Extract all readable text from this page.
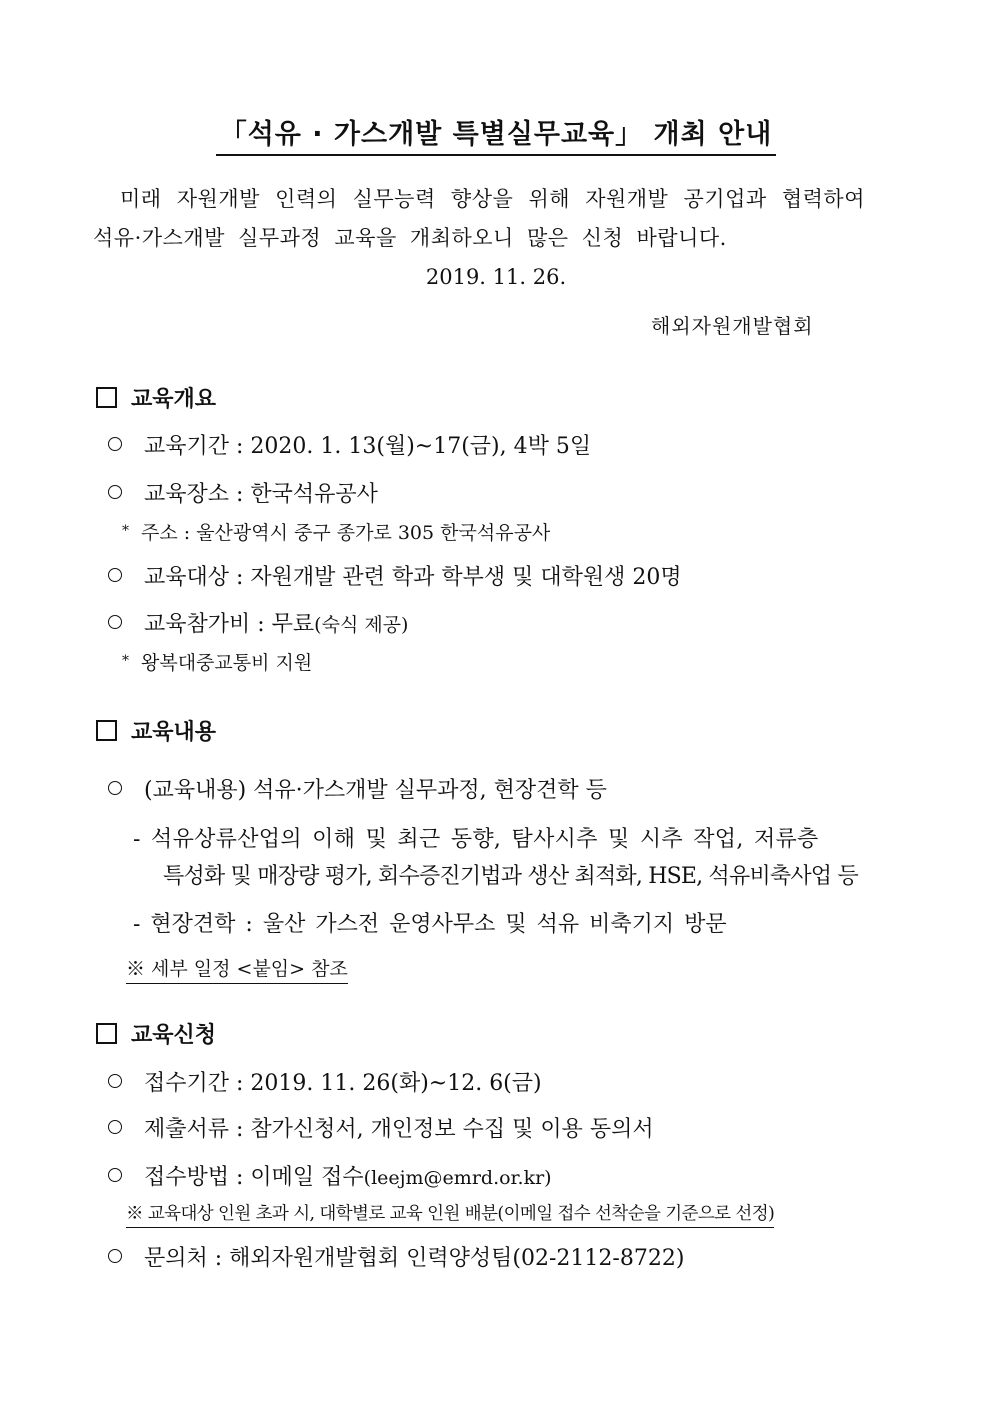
「석유 · 가스개발 특별실무교육」 개최 안내
미래 자원개발 인력의 실무능력 향상을 위해 자원개발 공기업과 협력하여
석유·가스개발 실무과정 교육을 개최하오니 많은 신청 바랍니다.
2019. 11. 26.
해외자원개발협회
교육개요
교육기간 : 2020. 1. 13(월)~17(금), 4박 5일
교육장소 : 한국석유공사
* 주소 : 울산광역시 중구 종가로 305 한국석유공사
교육대상 : 자원개발 관련 학과 학부생 및 대학원생 20명
교육참가비 : 무료(숙식 제공)
* 왕복대중교통비 지원
교육내용
(교육내용) 석유·가스개발 실무과정, 현장견학 등
- 석유상류산업의 이해 및 최근 동향, 탐사시추 및 시추 작업, 저류층
특성화 및 매장량 평가, 회수증진기법과 생산 최적화, HSE, 석유비축사업 등
- 현장견학 : 울산 가스전 운영사무소 및 석유 비축기지 방문
※ 세부 일정 <붙임> 참조
교육신청
접수기간 : 2019. 11. 26(화)~12. 6(금)
제출서류 : 참가신청서, 개인정보 수집 및 이용 동의서
접수방법 : 이메일 접수(leejm@emrd.or.kr)
※ 교육대상 인원 초과 시, 대학별로 교육 인원 배분(이메일 접수 선착순을 기준으로 선정)
문의처 : 해외자원개발협회 인력양성팀(02-2112-8722)
